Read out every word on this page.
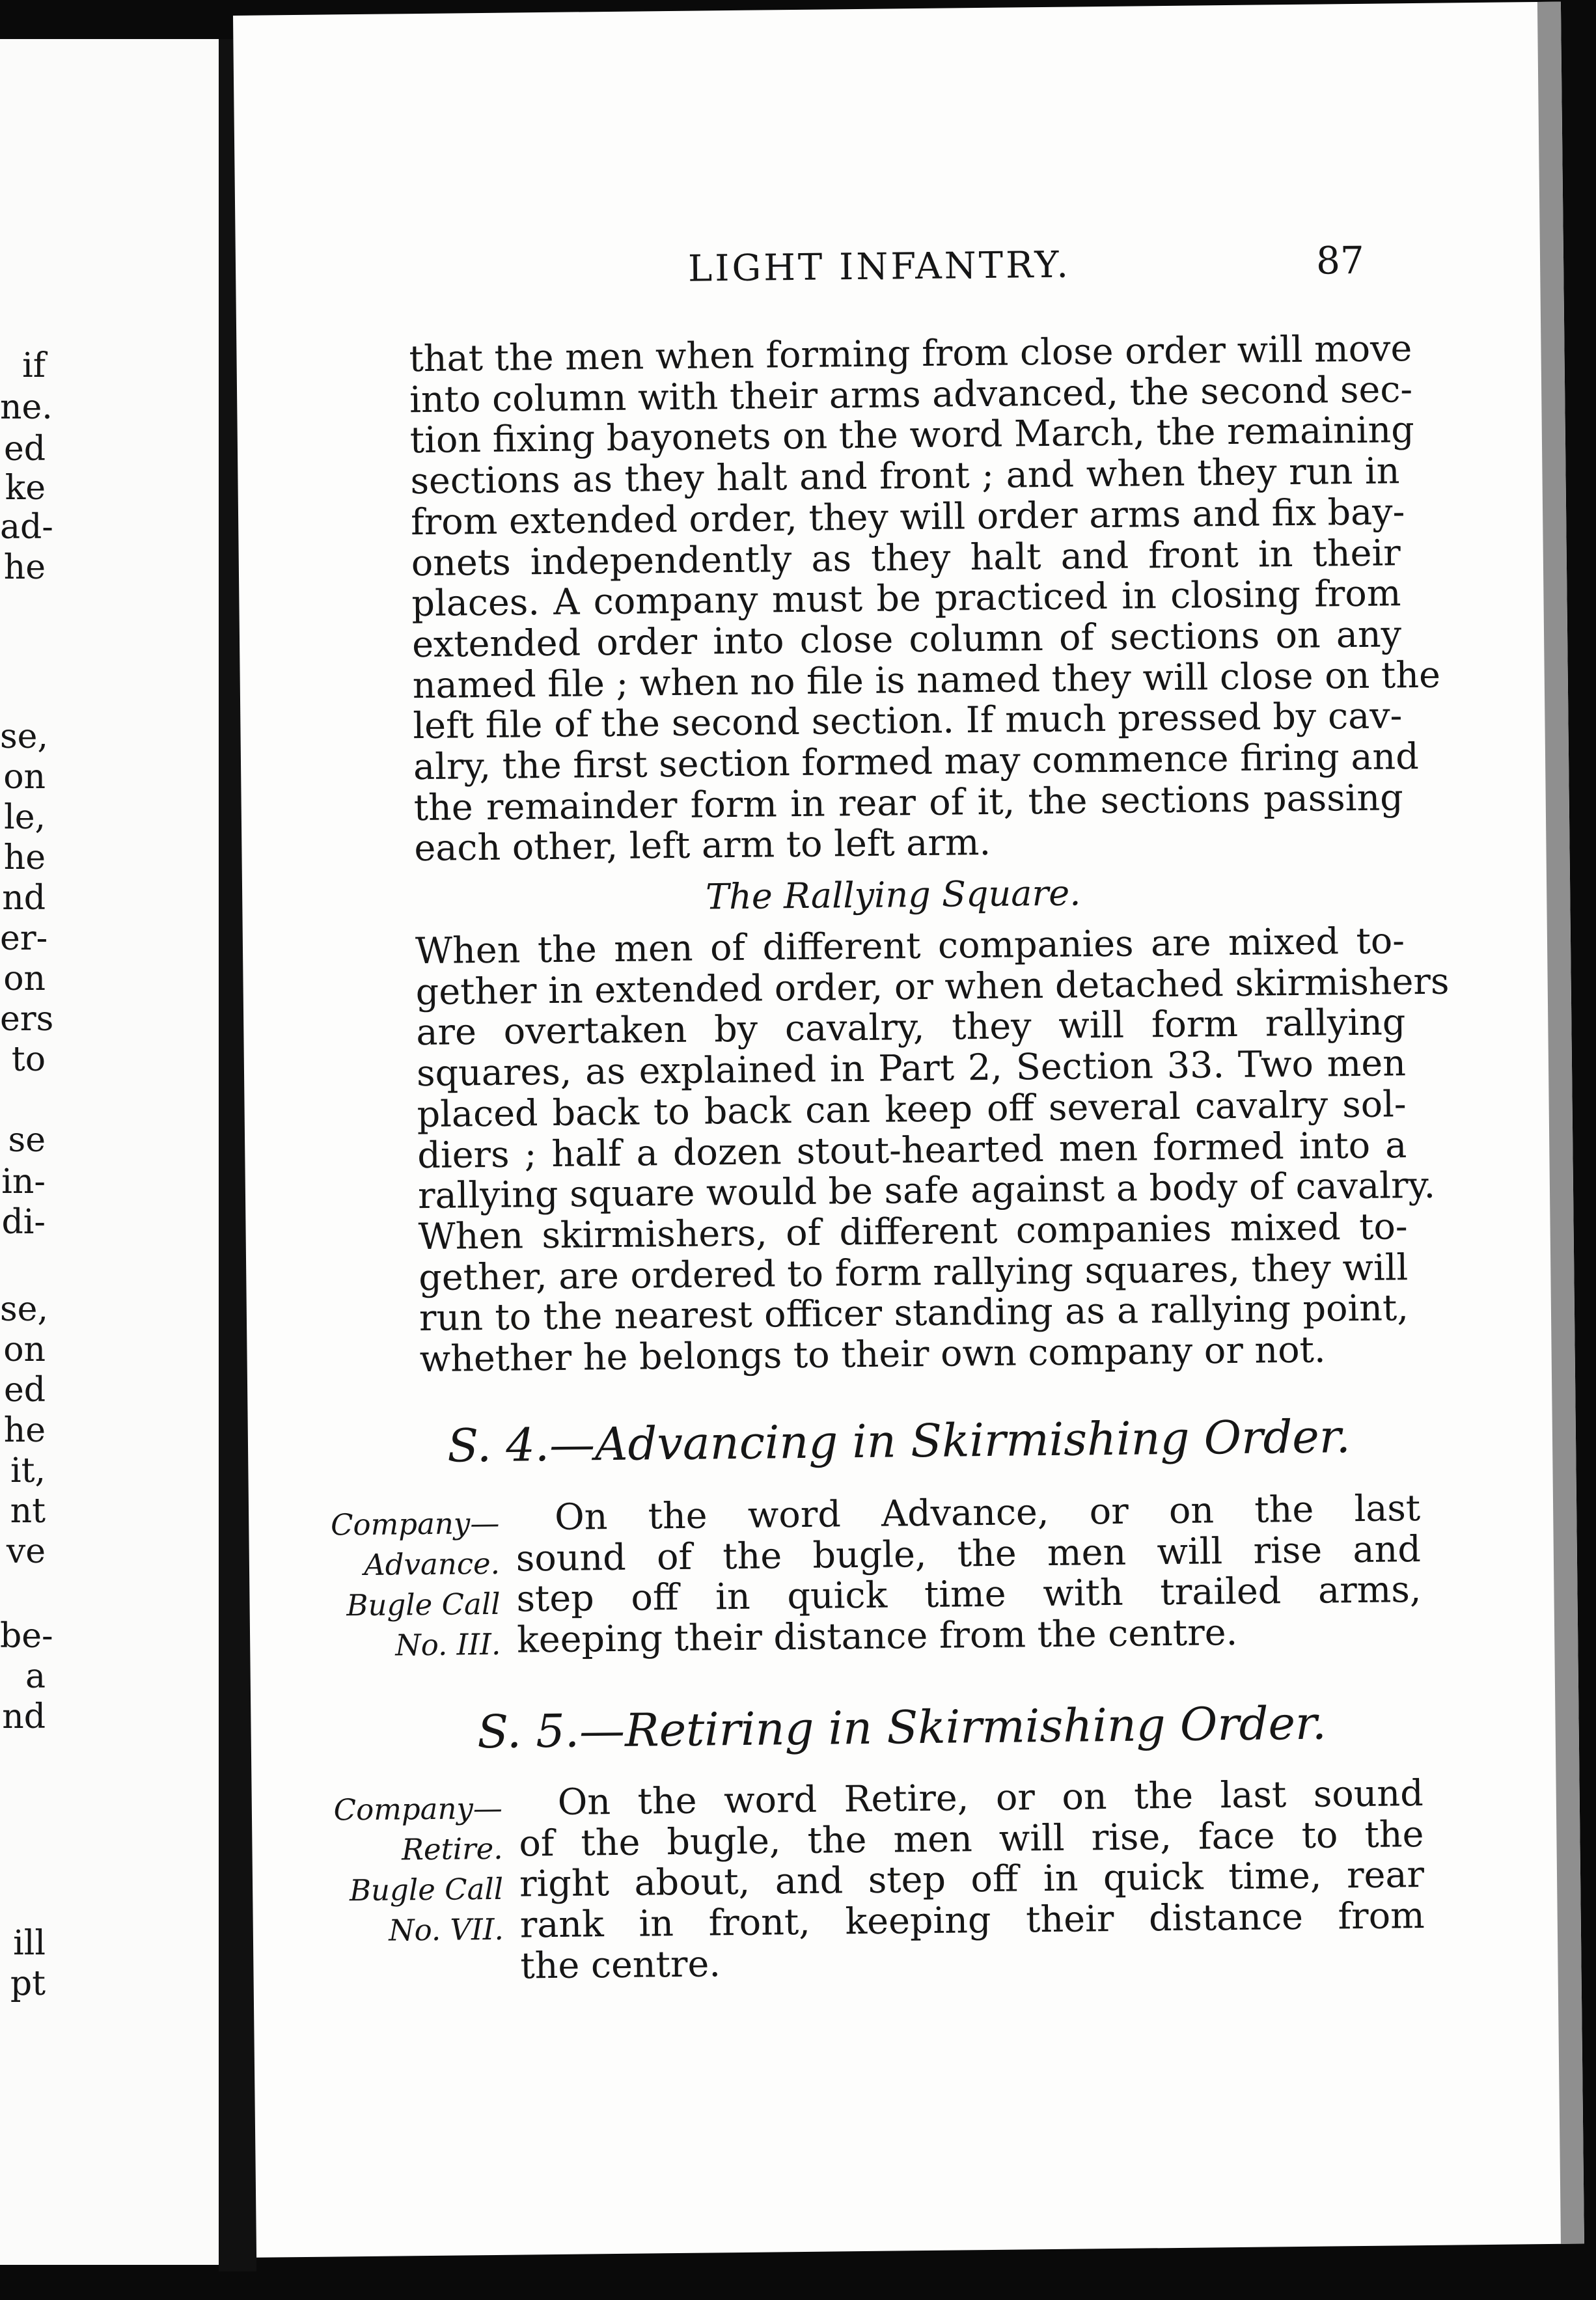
if
ne.
ed
ke
ad-
he
se,
on
le,
he
nd
er-
on
ers
to
se
in-
di-
se,
on
ed
he
it,
nt
ve
be-
a
nd
ill
pt
LIGHT INFANTRY.	87
that the men when forming from close order will move
into column with their arms advanced, the second sec-
tion fixing bayonets on the word March, the remaining
sections as they halt and front ; and when they run in
from extended order, they will order arms and fix bay-
onets independently as they halt and front in their
places. A company must be practiced in closing from
extended order into close column of sections on any
named file ; when no file is named they will close on the
left file of the second section. If much pressed by cav-
alry, the first section formed may commence firing and
the remainder form in rear of it, the sections passing
each other, left arm to left arm.
The Rallying Square.
When the men of different companies are mixed to-
gether in extended order, or when detached skirmishers
are overtaken by cavalry, they will form rallying
squares, as explained in Part 2, Section 33. Two men
placed back to back can keep off several cavalry sol-
diers ; half a dozen stout-hearted men formed into a
rallying square would be safe against a body of cavalry.
When skirmishers, of different companies mixed to-
gether, are ordered to form rallying squares, they will
run to the nearest officer standing as a rallying point,
whether he belongs to their own company or not.
S. 4.—Advancing in Skirmishing Order.
Company—
Advance.
Bugle Call
No. III.
On the word Advance, or on the last
sound of the bugle, the men will rise and
step off in quick time with trailed arms,
keeping their distance from the centre.
S. 5.—Retiring in Skirmishing Order.
Company—
Retire.
Bugle Call
No. VII.
On the word Retire, or on the last sound
of the bugle, the men will rise, face to the
right about, and step off in quick time, rear
rank in front, keeping their distance from
the centre.
